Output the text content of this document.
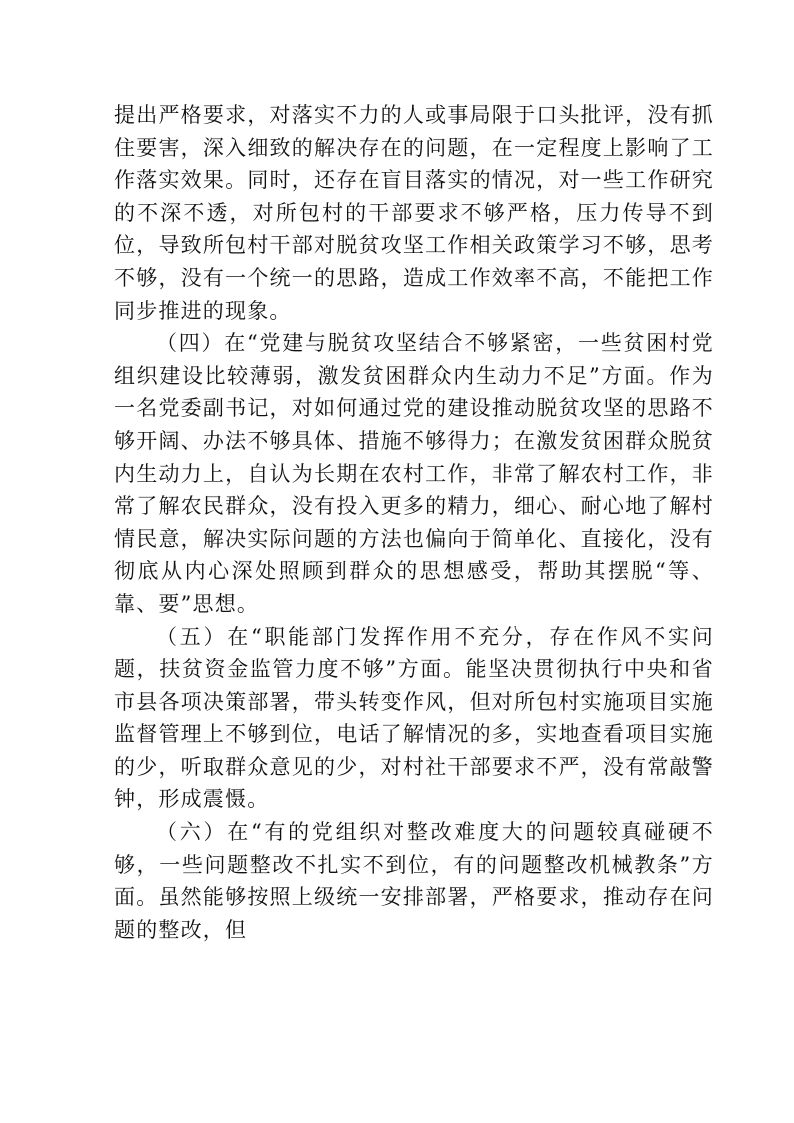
提出严格要求，对落实不力的人或事局限于口头批评，没有抓住要害，深入细致的解决存在的问题，在一定程度上影响了工作落实效果。同时，还存在盲目落实的情况，对一些工作研究的不深不透，对所包村的干部要求不够严格，压力传导不到位，导致所包村干部对脱贫攻坚工作相关政策学习不够，思考不够，没有一个统一的思路，造成工作效率不高，不能把工作同步推进的现象。

（四）在“党建与脱贫攻坚结合不够紧密，一些贫困村党组织建设比较薄弱，激发贫困群众内生动力不足”方面。作为一名党委副书记，对如何通过党的建设推动脱贫攻坚的思路不够开阔、办法不够具体、措施不够得力；在激发贫困群众脱贫内生动力上，自认为长期在农村工作，非常了解农村工作，非常了解农民群众，没有投入更多的精力，细心、耐心地了解村情民意，解决实际问题的方法也偏向于简单化、直接化，没有彻底从内心深处照顾到群众的思想感受，帮助其摆脱“等、靠、要”思想。

（五）在“职能部门发挥作用不充分，存在作风不实问题，扶贫资金监管力度不够”方面。能坚决贯彻执行中央和省市县各项决策部署，带头转变作风，但对所包村实施项目实施监督管理上不够到位，电话了解情况的多，实地查看项目实施的少，听取群众意见的少，对村社干部要求不严，没有常敲警钟，形成震慑。

（六）在“有的党组织对整改难度大的问题较真碰硬不够，一些问题整改不扎实不到位，有的问题整改机械教条”方面。虽然能够按照上级统一安排部署，严格要求，推动存在问题的整改，但
